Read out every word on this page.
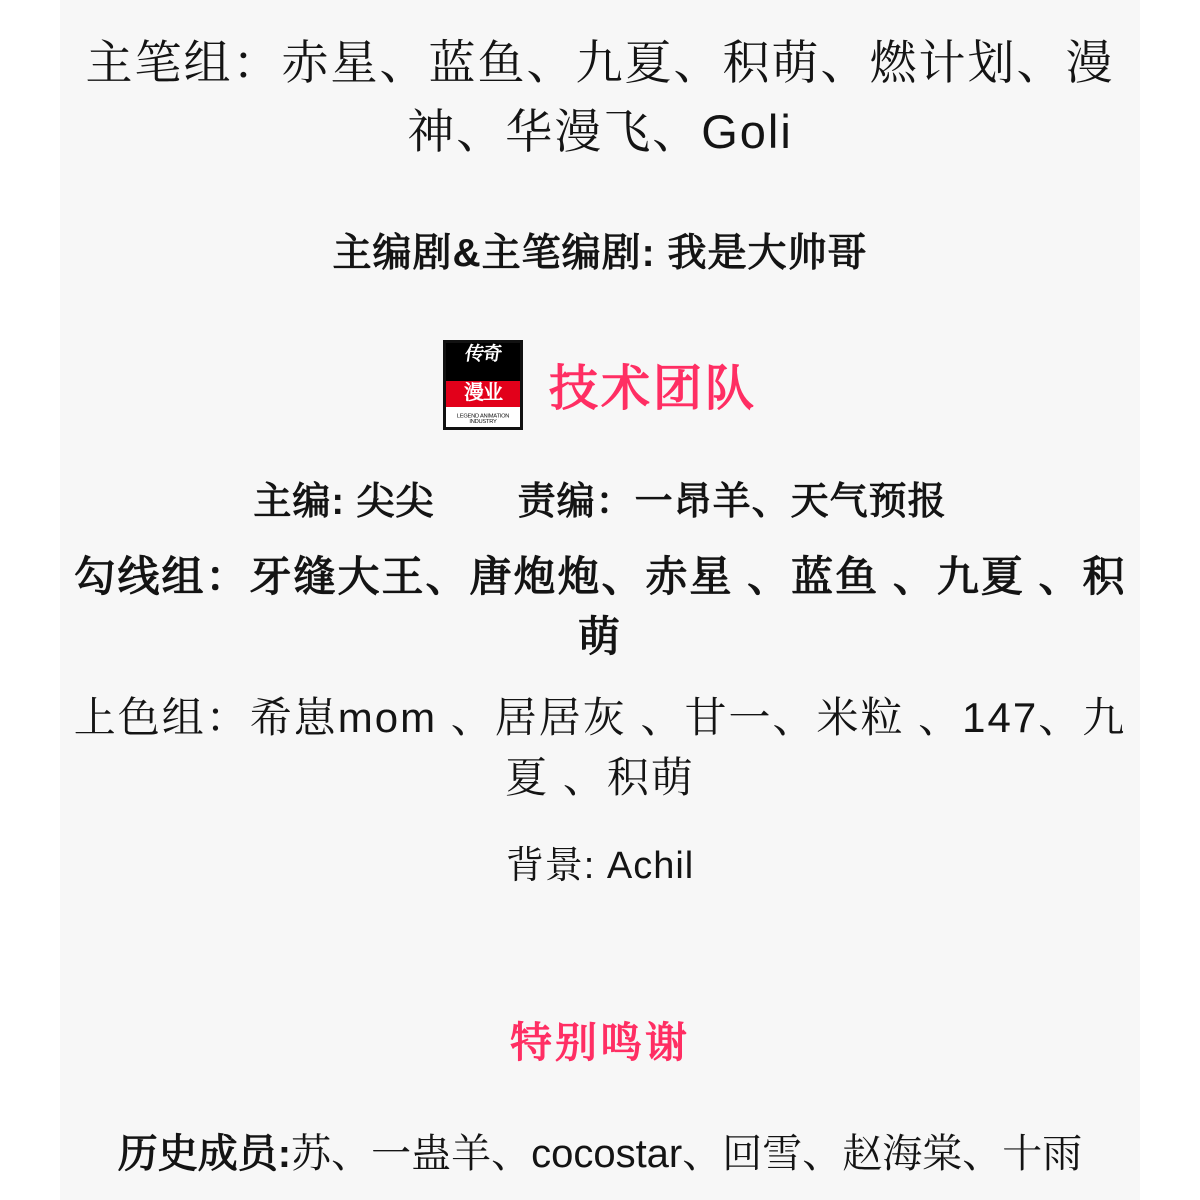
主笔组：赤星、蓝鱼、九夏、积萌、燃计划、漫神、华漫飞、Goli
主编剧&主笔编剧: 我是大帅哥
传奇
漫业
LEGEND ANIMATION INDUSTRY
技术团队
主编: 尖尖 责编：一昂羊、天气预报
勾线组：牙缝大王、唐炮炮、赤星 、蓝鱼 、九夏 、积萌
上色组：希崽mom 、居居灰 、甘一、米粒 、147、九夏 、积萌
背景: Achil
特别鸣谢
历史成员:苏、一蛊羊、cocostar、回雪、赵海棠、十雨
